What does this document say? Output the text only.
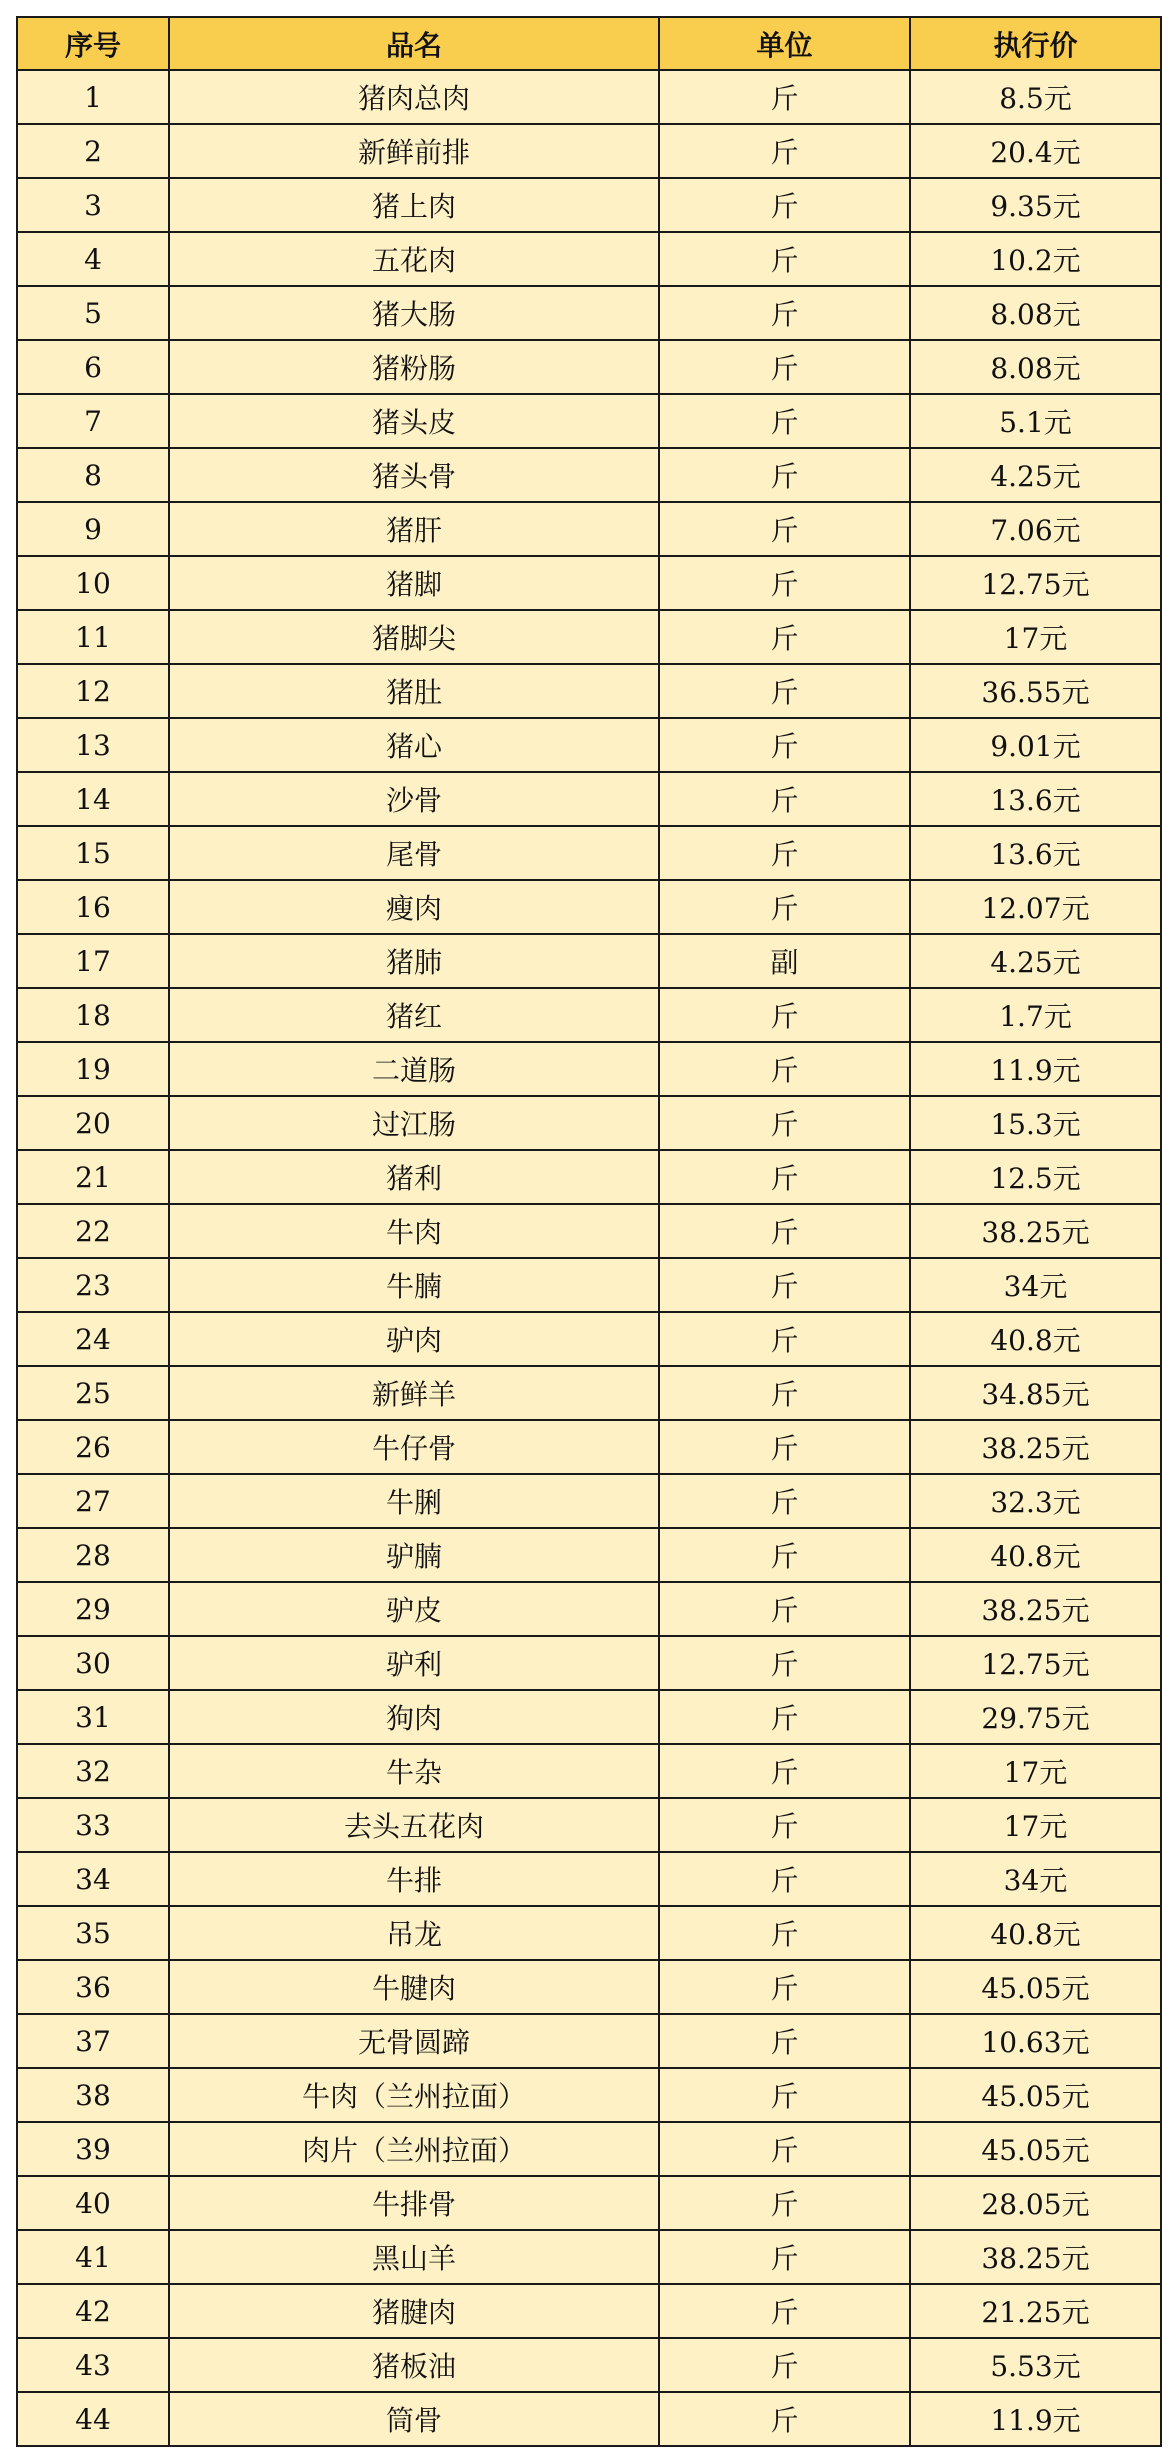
序号	品名	单位	执行价
1	猪肉总肉	斤	8.5元
2	新鲜前排	斤	20.4元
3	猪上肉	斤	9.35元
4	五花肉	斤	10.2元
5	猪大肠	斤	8.08元
6	猪粉肠	斤	8.08元
7	猪头皮	斤	5.1元
8	猪头骨	斤	4.25元
9	猪肝	斤	7.06元
10	猪脚	斤	12.75元
11	猪脚尖	斤	17元
12	猪肚	斤	36.55元
13	猪心	斤	9.01元
14	沙骨	斤	13.6元
15	尾骨	斤	13.6元
16	瘦肉	斤	12.07元
17	猪肺	副	4.25元
18	猪红	斤	1.7元
19	二道肠	斤	11.9元
20	过江肠	斤	15.3元
21	猪利	斤	12.5元
22	牛肉	斤	38.25元
23	牛腩	斤	34元
24	驴肉	斤	40.8元
25	新鲜羊	斤	34.85元
26	牛仔骨	斤	38.25元
27	牛脷	斤	32.3元
28	驴腩	斤	40.8元
29	驴皮	斤	38.25元
30	驴利	斤	12.75元
31	狗肉	斤	29.75元
32	牛杂	斤	17元
33	去头五花肉	斤	17元
34	牛排	斤	34元
35	吊龙	斤	40.8元
36	牛腱肉	斤	45.05元
37	无骨圆蹄	斤	10.63元
38	牛肉（兰州拉面）	斤	45.05元
39	肉片（兰州拉面）	斤	45.05元
40	牛排骨	斤	28.05元
41	黑山羊	斤	38.25元
42	猪腱肉	斤	21.25元
43	猪板油	斤	5.53元
44	筒骨	斤	11.9元
